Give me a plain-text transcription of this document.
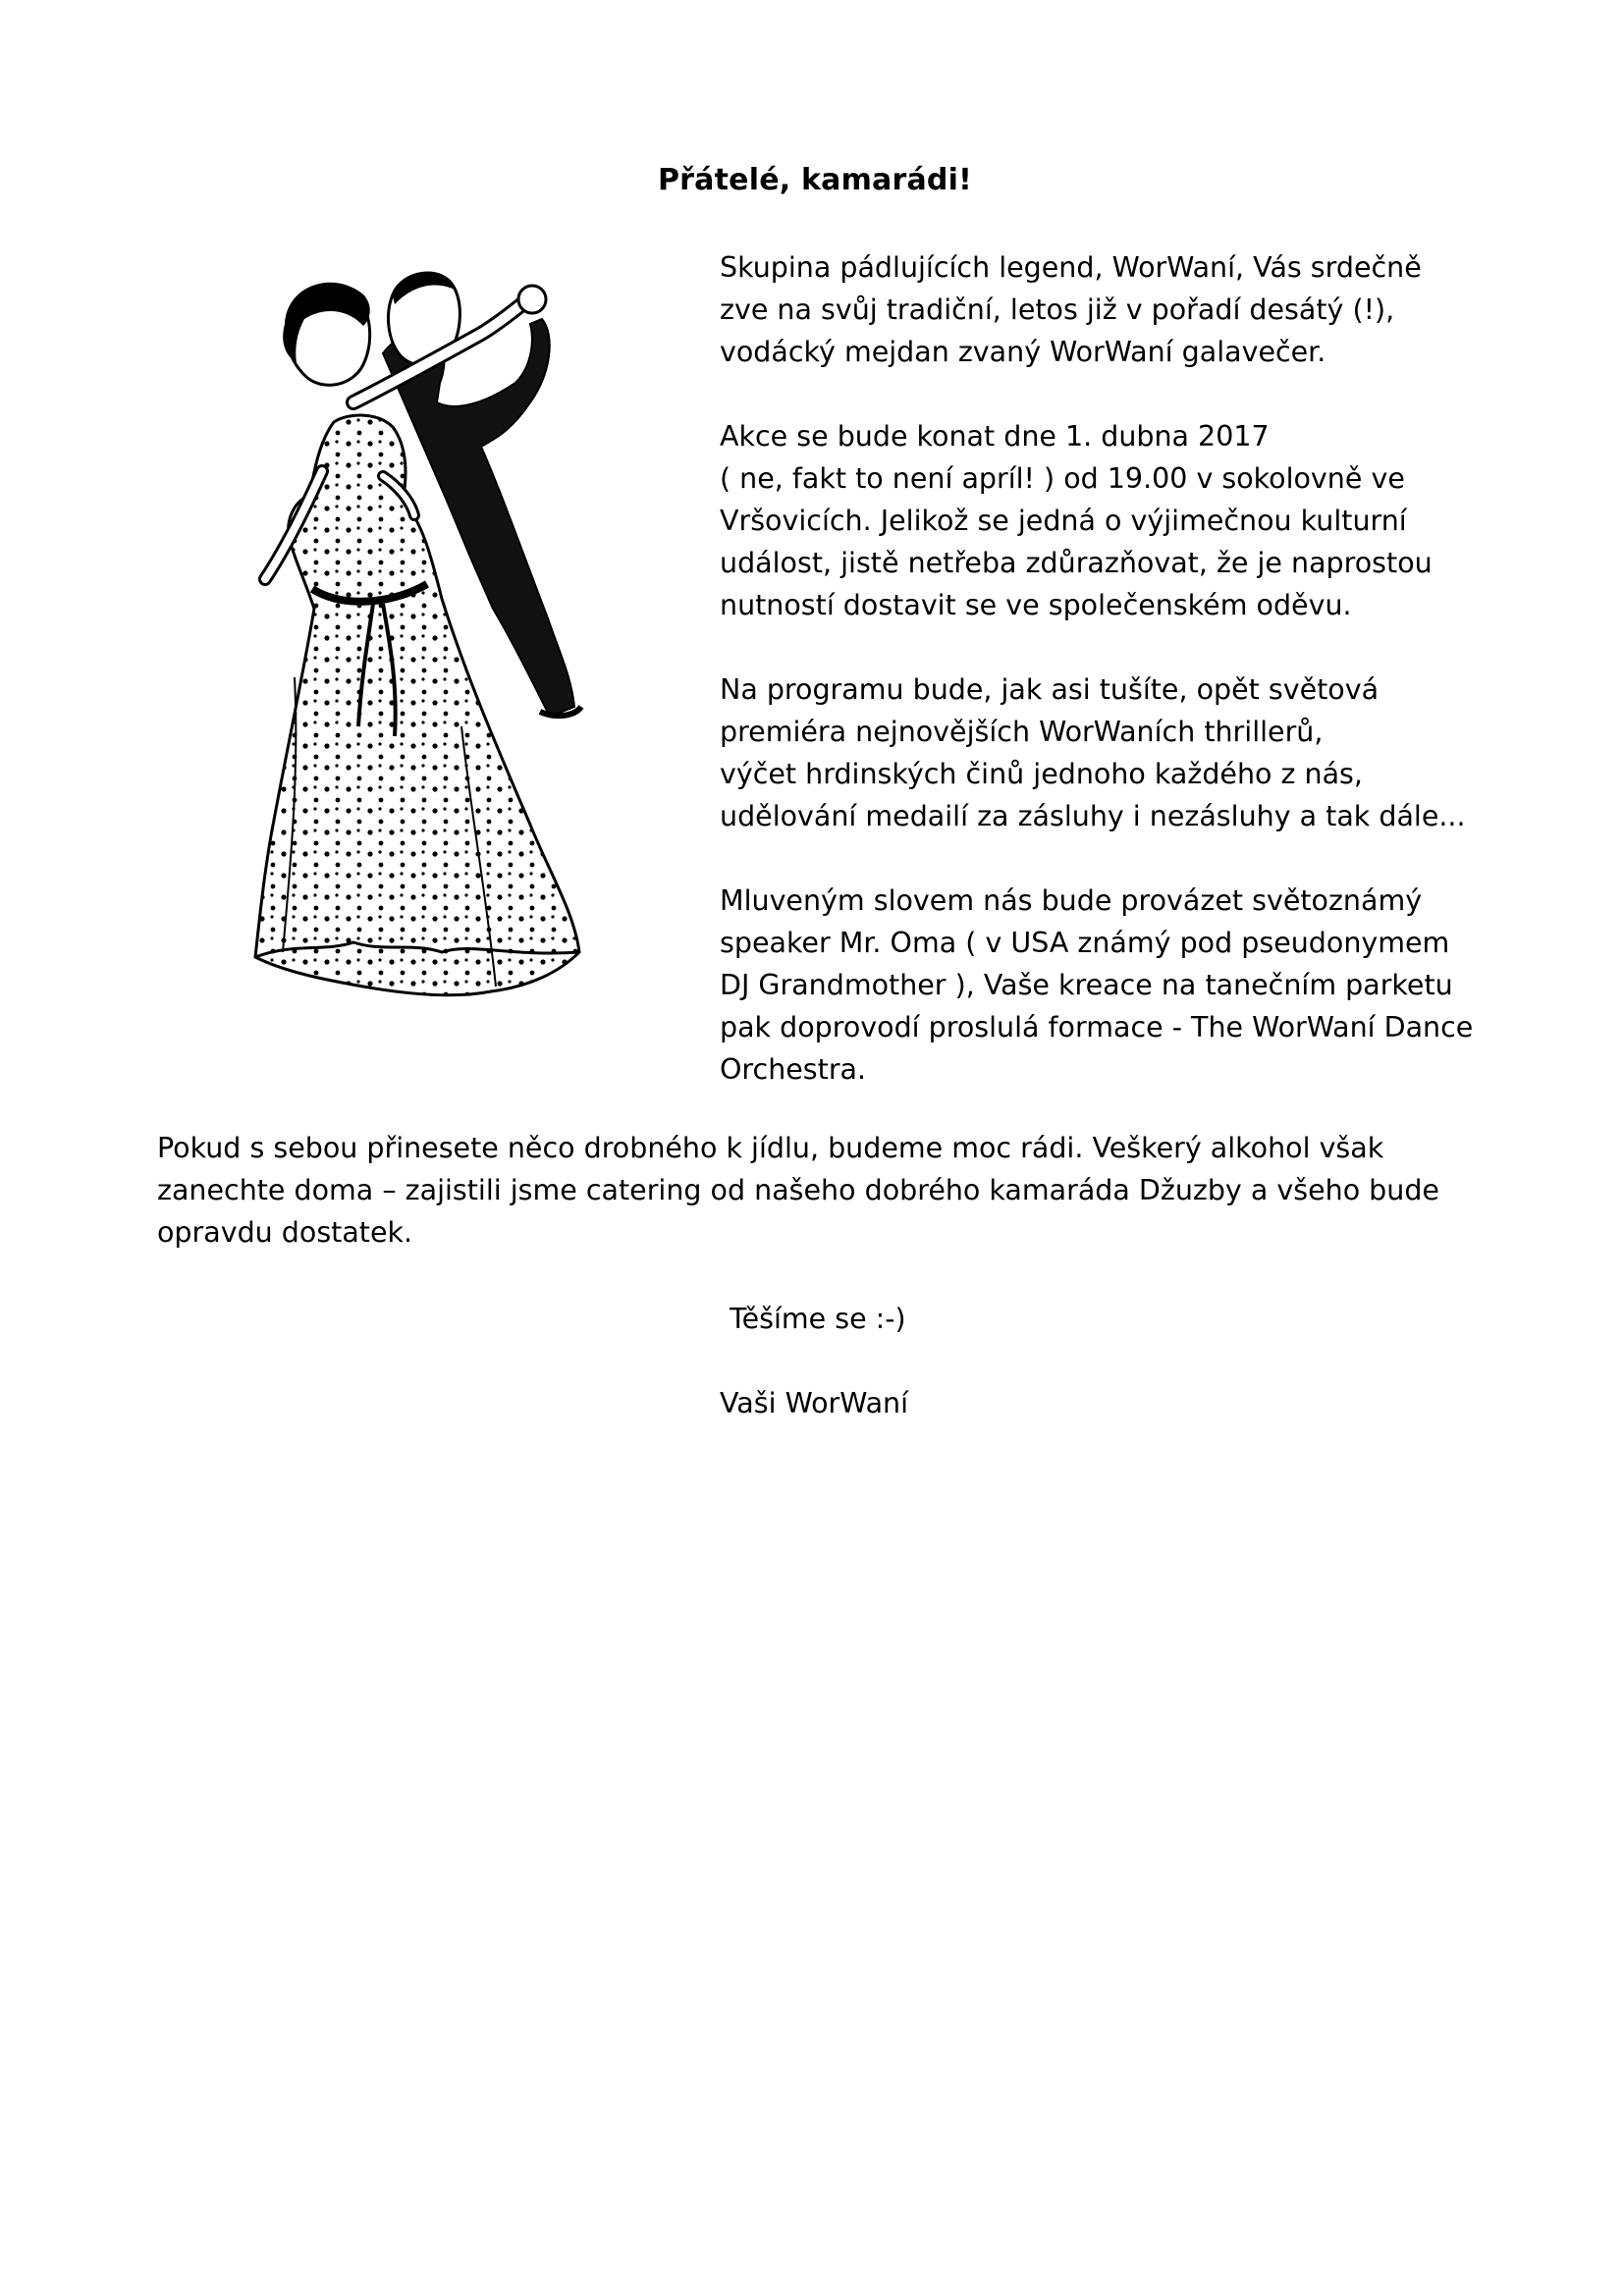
Přátelé, kamarádi!

Skupina pádlujících legend, WorWaní, Vás srdečně
zve na svůj tradiční, letos již v pořadí desátý (!),
vodácký mejdan zvaný WorWaní galavečer.

Akce se bude konat dne 1. dubna 2017
( ne, fakt to není apríl! ) od 19.00 v sokolovně ve
Vršovicích. Jelikož se jedná o výjimečnou kulturní
událost, jistě netřeba zdůrazňovat, že je naprostou
nutností dostavit se ve společenském oděvu.

Na programu bude, jak asi tušíte, opět světová
premiéra nejnovějších WorWaních thrillerů,
výčet hrdinských činů jednoho každého z nás,
udělování medailí za zásluhy i nezásluhy a tak dále...

Mluveným slovem nás bude provázet světoznámý
speaker Mr. Oma ( v USA známý pod pseudonymem
DJ Grandmother ), Vaše kreace na tanečním parketu
pak doprovodí proslulá formace - The WorWaní Dance
Orchestra.

Pokud s sebou přinesete něco drobného k jídlu, budeme moc rádi. Veškerý alkohol však
zanechte doma – zajistili jsme catering od našeho dobrého kamaráda Džuzby a všeho bude
opravdu dostatek.
Těšíme se :-)
Vaši WorWaní
